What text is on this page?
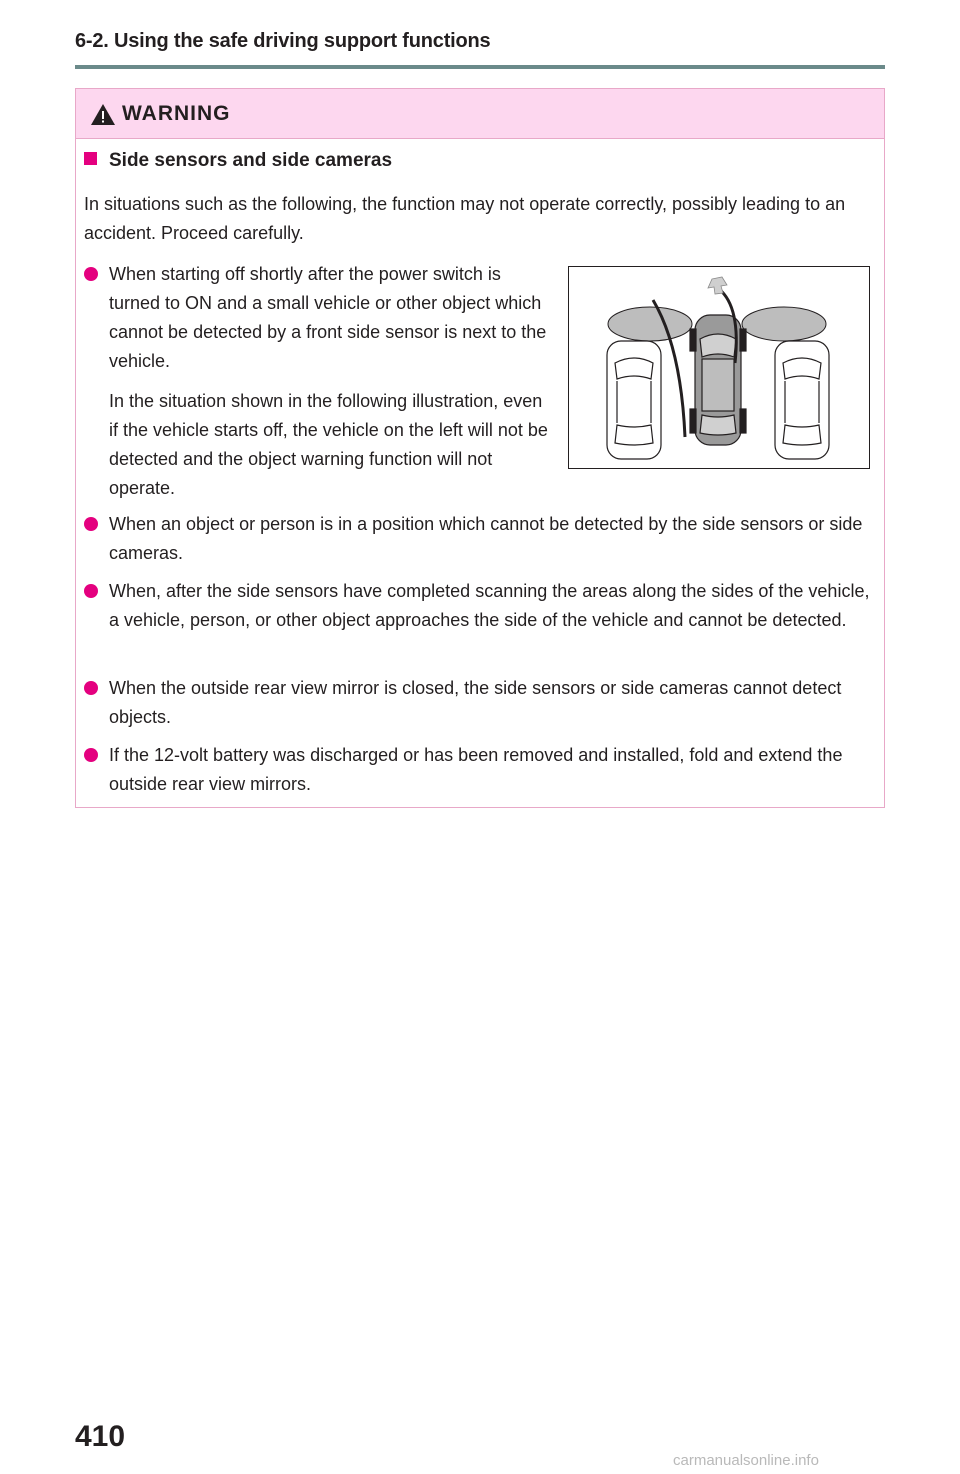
6-2. Using the safe driving support functions
WARNING
Side sensors and side cameras
In situations such as the following, the function may not operate correctly, possibly leading to an accident. Proceed carefully.
When starting off shortly after the power switch is turned to ON and a small vehicle or other object which cannot be detected by a front side sensor is next to the vehicle.
In the situation shown in the following illustration, even if the vehicle starts off, the vehicle on the left will not be detected and the object warning function will not operate.
When an object or person is in a position which cannot be detected by the side sensors or side cameras.
When, after the side sensors have completed scanning the areas along the sides of the vehicle, a vehicle, person, or other object approaches the side of the vehicle and cannot be detected.
When the outside rear view mirror is closed, the side sensors or side cameras cannot detect objects.
If the 12-volt battery was discharged or has been removed and installed, fold and extend the outside rear view mirrors.
410
carmanualsonline.info
